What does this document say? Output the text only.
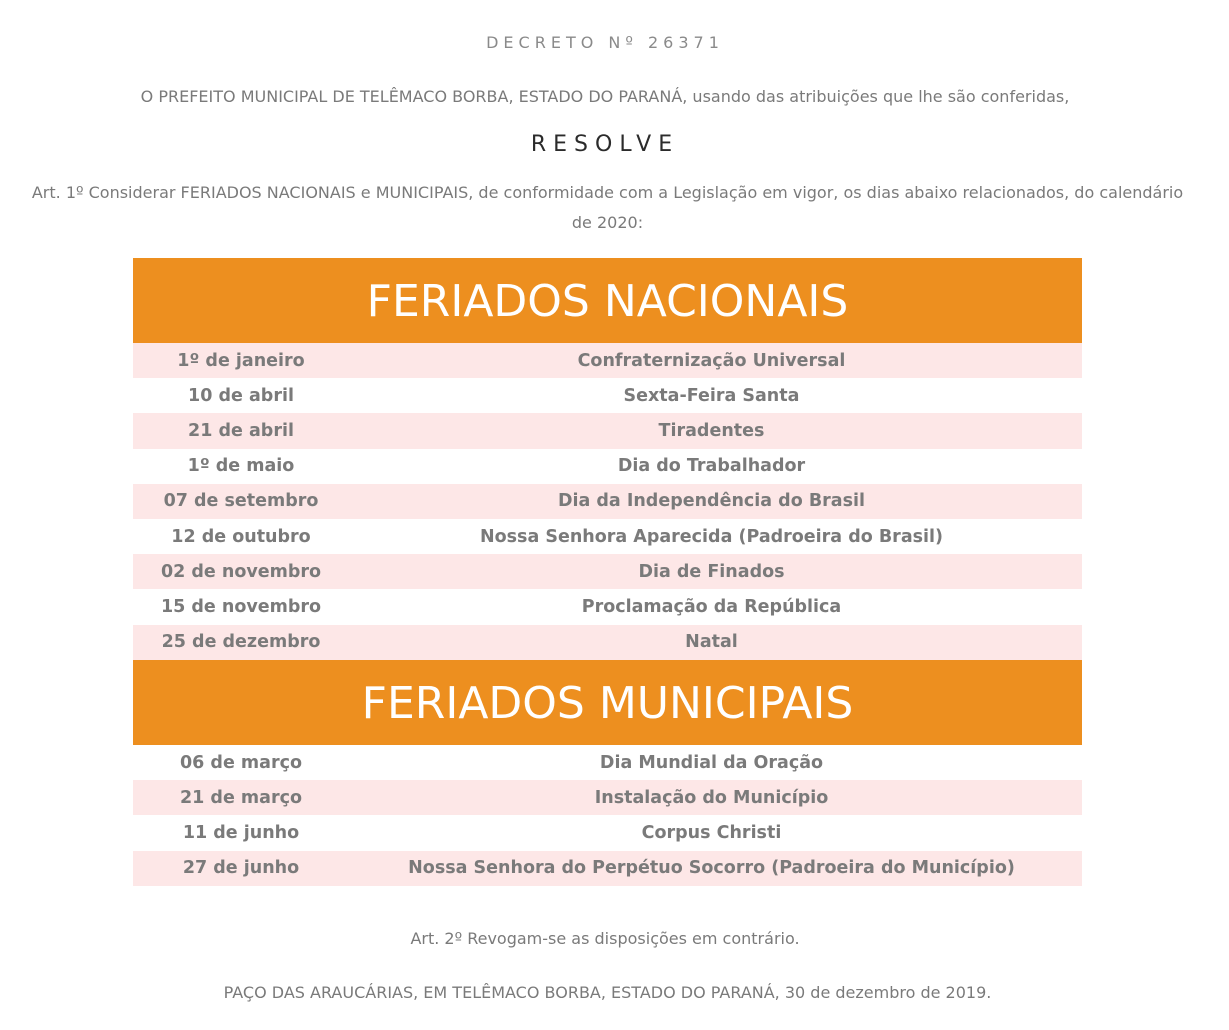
DECRETO Nº 26371
O PREFEITO MUNICIPAL DE TELÊMACO BORBA, ESTADO DO PARANÁ, usando das atribuições que lhe são conferidas,
RESOLVE
Art. 1º Considerar FERIADOS NACIONAIS e MUNICIPAIS, de conformidade com a Legislação em vigor, os dias abaixo relacionados, do calendário de 2020:
FERIADOS NACIONAIS
1º de janeiro	Confraternização Universal
10 de abril	Sexta-Feira Santa
21 de abril	Tiradentes
1º de maio	Dia do Trabalhador
07 de setembro	Dia da Independência do Brasil
12 de outubro	Nossa Senhora Aparecida (Padroeira do Brasil)
02 de novembro	Dia de Finados
15 de novembro	Proclamação da República
25 de dezembro	Natal
FERIADOS MUNICIPAIS
06 de março	Dia Mundial da Oração
21 de março	Instalação do Município
11 de junho	Corpus Christi
27 de junho	Nossa Senhora do Perpétuo Socorro (Padroeira do Município)
Art. 2º Revogam-se as disposições em contrário.
PAÇO DAS ARAUCÁRIAS, EM TELÊMACO BORBA, ESTADO DO PARANÁ, 30 de dezembro de 2019.
